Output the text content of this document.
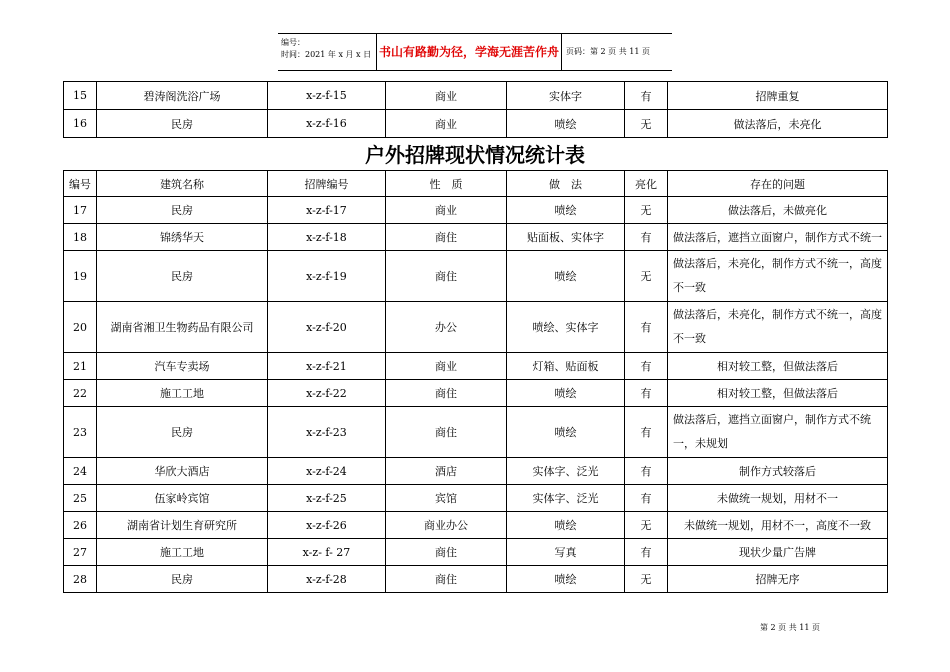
编号：
时间：2021 年 x 月 x 日 书山有路勤为径，学海无涯苦作舟 页码：第 2 页 共 11 页
15	碧涛阁洗浴广场	x-z-f-15	商业	实体字	有	招牌重复
16	民房	x-z-f-16	商业	喷绘	无	做法落后，未亮化
户外招牌现状情况统计表
编号	建筑名称	招牌编号	性　质	做　法	亮化	存在的问题
17	民房	x-z-f-17	商业	喷绘	无	做法落后，未做亮化
18	锦绣华天	x-z-f-18	商住	贴面板、实体字	有	做法落后，遮挡立面窗户，制作方式不统一
19	民房	x-z-f-19	商住	喷绘	无	做法落后，未亮化，制作方式不统一，高度不一致
20	湖南省湘卫生物药品有限公司	x-z-f-20	办公	喷绘、实体字	有	做法落后，未亮化，制作方式不统一，高度不一致
21	汽车专卖场	x-z-f-21	商业	灯箱、贴面板	有	相对较工整，但做法落后
22	施工工地	x-z-f-22	商住	喷绘	有	相对较工整，但做法落后
23	民房	x-z-f-23	商住	喷绘	有	做法落后，遮挡立面窗户，制作方式不统一，未规划
24	华欣大酒店	x-z-f-24	酒店	实体字、泛光	有	制作方式较落后
25	伍家岭宾馆	x-z-f-25	宾馆	实体字、泛光	有	未做统一规划，用材不一
26	湖南省计划生育研究所	x-z-f-26	商业办公	喷绘	无	未做统一规划，用材不一，高度不一致
27	施工工地	x-z- f- 27	商住	写真	有	现状少量广告牌
28	民房	x-z-f-28	商住	喷绘	无	招牌无序
第 2 页 共 11 页
